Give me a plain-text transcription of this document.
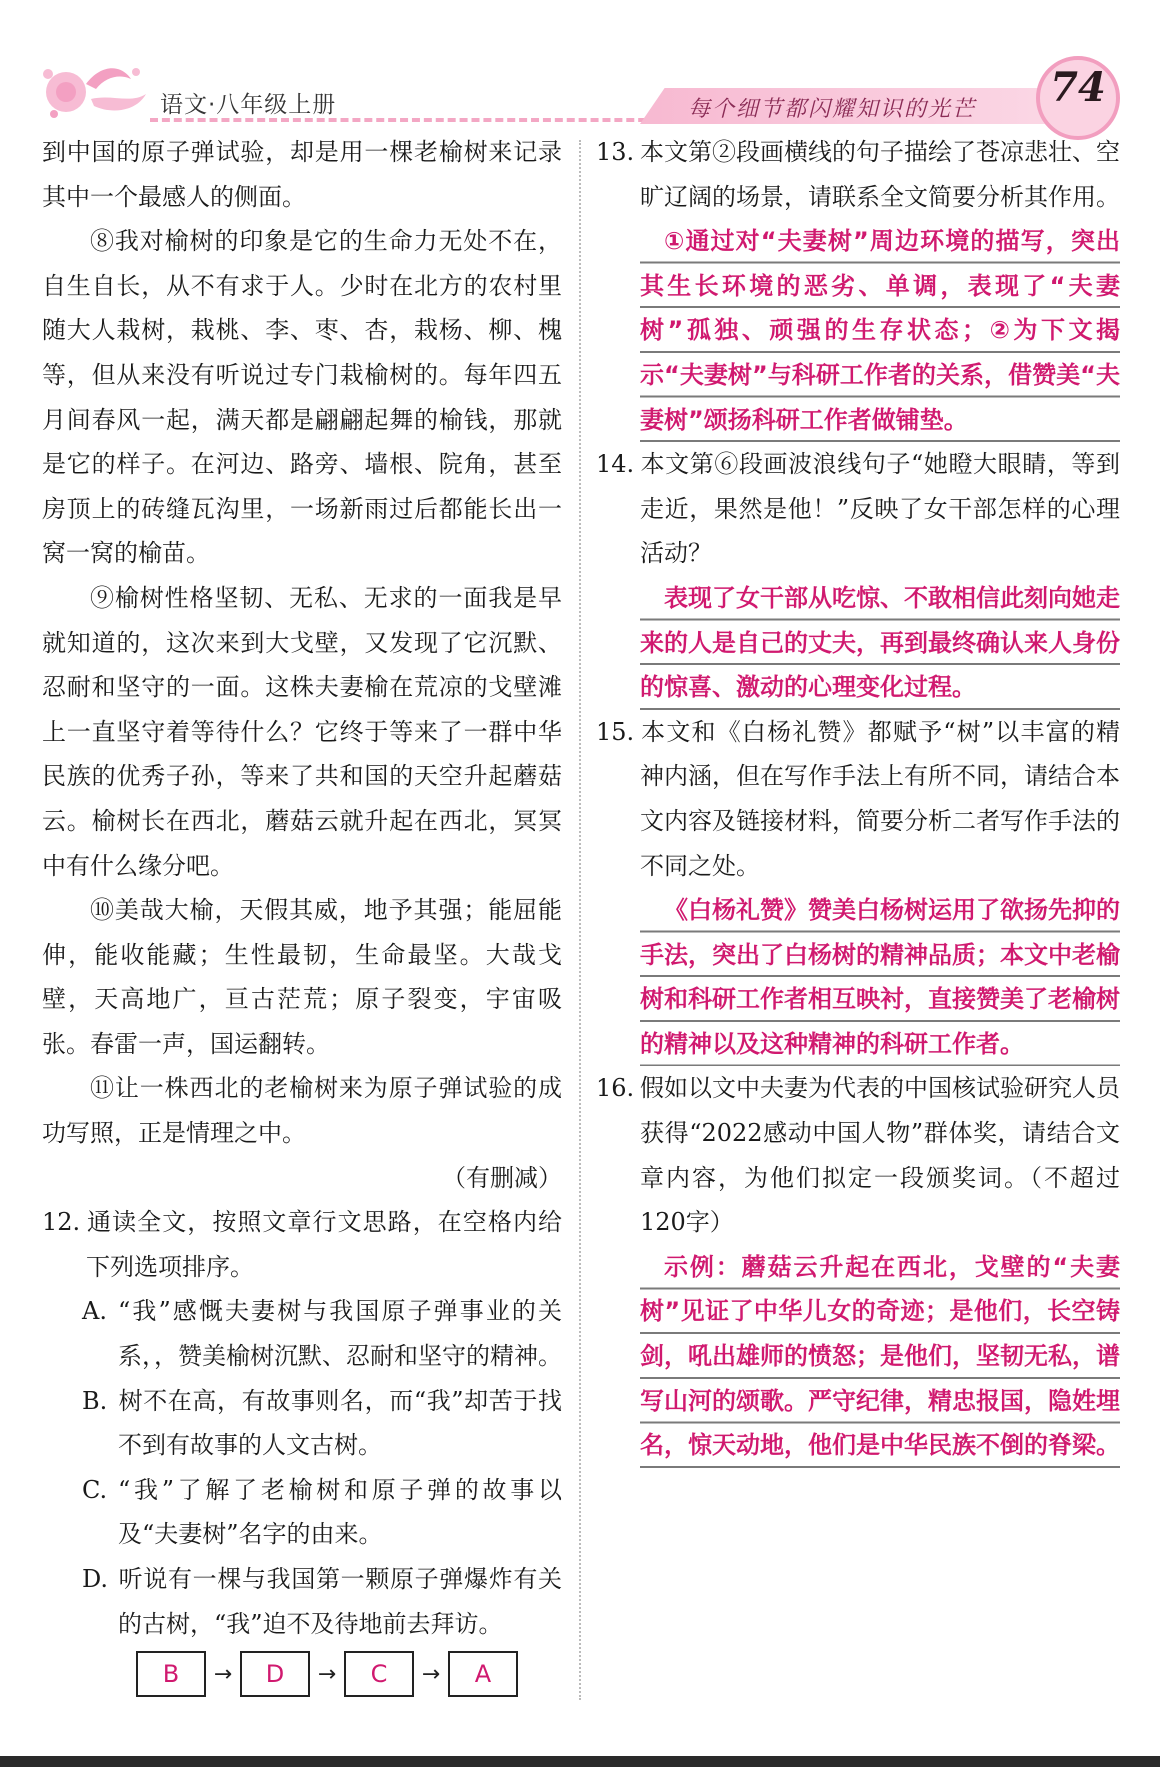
语文·八年级上册	每个细节都闪耀知识的光芒	74

到中国的原子弹试验，却是用一棵老榆树来记录其中一个最感人的侧面。

⑧我对榆树的印象是它的生命力无处不在，自生自长，从不有求于人。少时在北方的农村里随大人栽树，栽桃、李、枣、杏，栽杨、柳、槐等，但从来没有听说过专门栽榆树的。每年四五月间春风一起，满天都是翩翩起舞的榆钱，那就是它的样子。在河边、路旁、墙根、院角，甚至房顶上的砖缝瓦沟里，一场新雨过后都能长出一窝一窝的榆苗。

⑨榆树性格坚韧、无私、无求的一面我是早就知道的，这次来到大戈壁，又发现了它沉默、忍耐和坚守的一面。这株夫妻榆在荒凉的戈壁滩上一直坚守着等待什么？它终于等来了一群中华民族的优秀子孙，等来了共和国的天空升起蘑菇云。榆树长在西北，蘑菇云就升起在西北，冥冥中有什么缘分吧。

⑩美哉大榆，天假其威，地予其强；能屈能伸，能收能藏；生性最韧，生命最坚。大哉戈壁，天高地广，亘古茫荒；原子裂变，宇宙吸张。春雷一声，国运翻转。

⑪让一株西北的老榆树来为原子弹试验的成功写照，正是情理之中。

（有删减）

12. 通读全文，按照文章行文思路，在空格内给下列选项排序。

A. “我”感慨夫妻树与我国原子弹事业的关系，，赞美榆树沉默、忍耐和坚守的精神。

B. 树不在高，有故事则名，而“我”却苦于找不到有故事的人文古树。

C. “我”了解了老榆树和原子弹的故事以及“夫妻树”名字的由来。

D. 听说有一棵与我国第一颗原子弹爆炸有关的古树，“我”迫不及待地前去拜访。

B	→	D	→	C	→	A

13. 本文第②段画横线的句子描绘了苍凉悲壮、空旷辽阔的场景，请联系全文简要分析其作用。

①通过对“夫妻树”周边环境的描写，突出其生长环境的恶劣、单调，表现了“夫妻树”孤独、顽强的生存状态；②为下文揭示“夫妻树”与科研工作者的关系，借赞美“夫妻树”颂扬科研工作者做铺垫。

14. 本文第⑥段画波浪线句子“她瞪大眼睛，等到走近，果然是他！”反映了女干部怎样的心理活动？

表现了女干部从吃惊、不敢相信此刻向她走来的人是自己的丈夫，再到最终确认来人身份的惊喜、激动的心理变化过程。

15. 本文和《白杨礼赞》都赋予“树”以丰富的精神内涵，但在写作手法上有所不同，请结合本文内容及链接材料，简要分析二者写作手法的不同之处。

《白杨礼赞》赞美白杨树运用了欲扬先抑的手法，突出了白杨树的精神品质；本文中老榆树和科研工作者相互映衬，直接赞美了老榆树的精神以及这种精神的科研工作者。

16. 假如以文中夫妻为代表的中国核试验研究人员获得“2022感动中国人物”群体奖，请结合文章内容，为他们拟定一段颁奖词。（不超过120字）

示例：蘑菇云升起在西北，戈壁的“夫妻树”见证了中华儿女的奇迹；是他们，长空铸剑，吼出雄师的愤怒；是他们，坚韧无私，谱写山河的颂歌。严守纪律，精忠报国，隐姓埋名，惊天动地，他们是中华民族不倒的脊梁。
